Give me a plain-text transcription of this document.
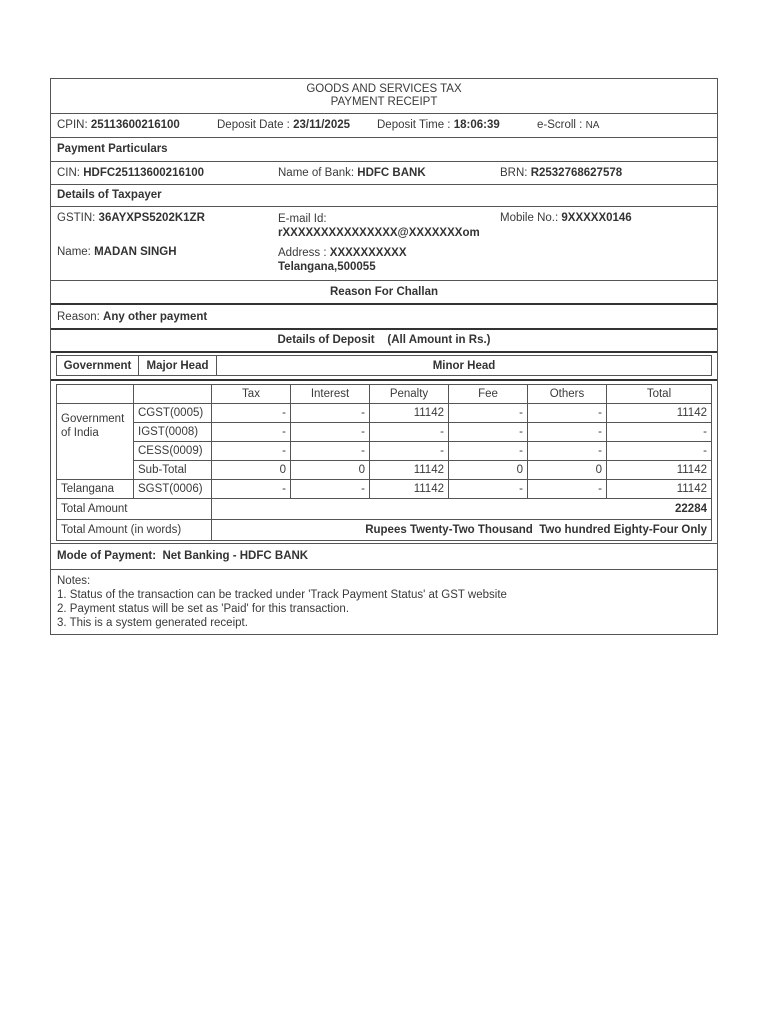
GOODS AND SERVICES TAX
PAYMENT RECEIPT
CPIN: 25113600216100	Deposit Date : 23/11/2025 Deposit Time : 18:06:39	e-Scroll : NA
Payment Particulars
CIN: HDFC25113600216100	Name of Bank: HDFC BANK	BRN: R2532768627578
Details of Taxpayer
GSTIN: 36AYXPS5202K1ZR	E-mail Id:
rXXXXXXXXXXXXXXX@XXXXXXXom
Mobile No.: 9XXXXX0146
Name: MADAN SINGH	Address : XXXXXXXXXX
Telangana,500055
Reason For Challan
Reason: Any other payment
Details of Deposit (All Amount in Rs.)
Government	Major Head	Minor Head
		Tax	Interest	Penalty	Fee	Others	Total
Government of India	CGST(0005)	-	-	11142	-	-	11142
	IGST(0008)	-	-	-	-	-	-
	CESS(0009)	-	-	-	-	-	-
	Sub-Total	0	0	11142	0	0	11142
Telangana	SGST(0006)	-	-	11142	-	-	11142
Total Amount		22284					
Total Amount (in words)		Rupees Twenty-Two Thousand  Two hundred Eighty-Four Only					
Mode of Payment: Net Banking - HDFC BANK
Notes:
1. Status of the transaction can be tracked under 'Track Payment Status' at GST website
2. Payment status will be set as 'Paid' for this transaction.
3. This is a system generated receipt.
